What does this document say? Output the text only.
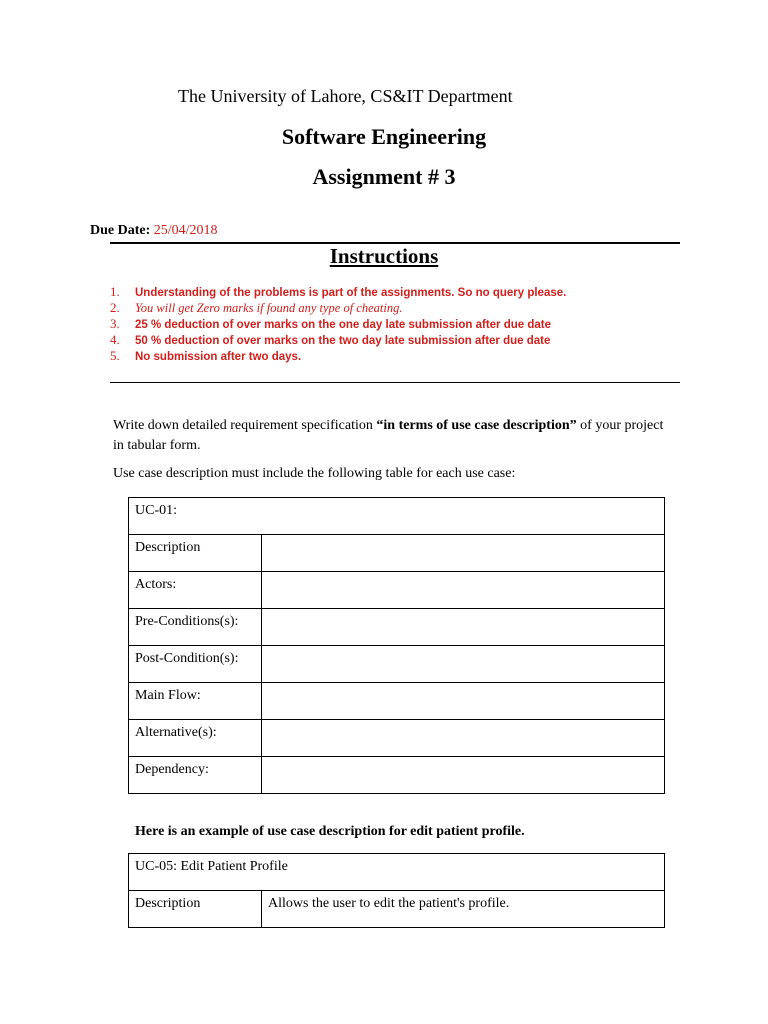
The University of Lahore, CS&IT Department
Software Engineering
Assignment # 3
Due Date: 25/04/2018
Instructions
1. Understanding of the problems is part of the assignments. So no query please.
2. You will get Zero marks if found any type of cheating.
3. 25 % deduction of over marks on the one day late submission after due date
4. 50 % deduction of over marks on the two day late submission after due date
5. No submission after two days.
Write down detailed requirement specification “in terms of use case description” of your project in tabular form.
Use case description must include the following table for each use case:
UC-01:	
Description	
Actors:	
Pre-Conditions(s):	
Post-Condition(s):	
Main Flow:	
Alternative(s):	
Dependency:	
Here is an example of use case description for edit patient profile.
UC-05: Edit Patient Profile
Description	Allows the user to edit the patient's profile.
